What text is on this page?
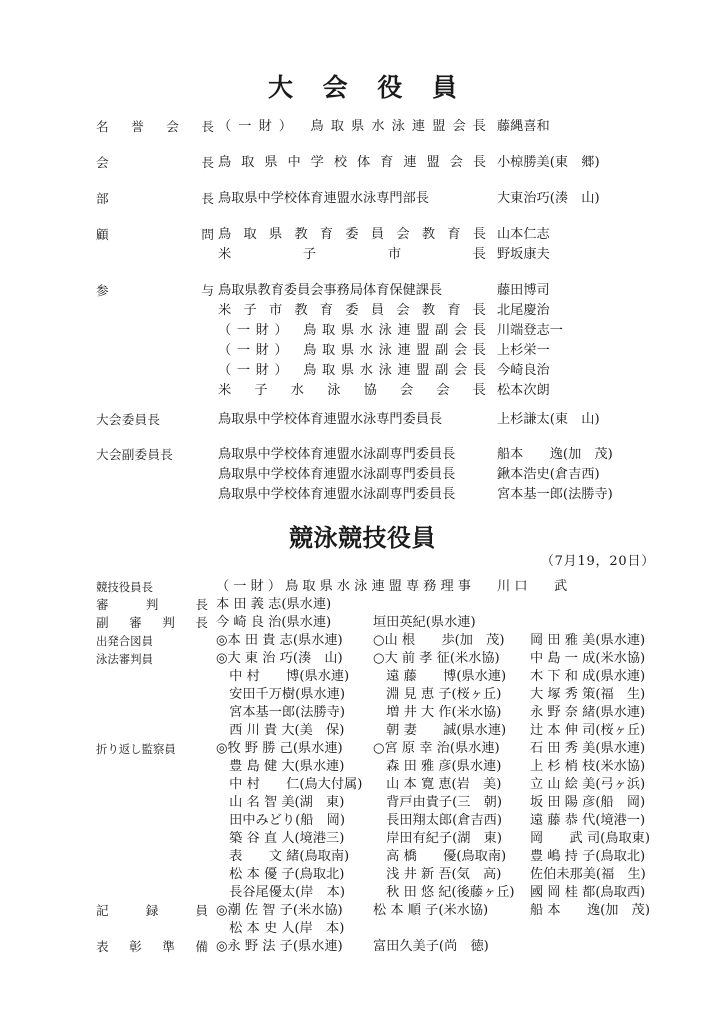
大 会 役 員
名誉会長 （一財） 鳥取県水泳連盟会長 藤縄喜和
会　　長 鳥取県中学校体育連盟会長 小椋勝美(東　郷)
部　　長 鳥取県中学校体育連盟水泳専門部長	大東治巧(湊　山)
顧　　問 鳥取県教育委員会教育長 山本仁志
米　　子　　市　　長 野坂康夫
参　　与 鳥取県教育委員会事務局体育保健課長	藤田博司
米子市教育委員会教育長 北尾慶治
（一財） 鳥取県水泳連盟副会長 川端登志一
（一財） 鳥取県水泳連盟副会長 上杉栄一
（一財） 鳥取県水泳連盟副会長 今崎良治
米　子　水　泳　協　会　会　長 松本次朗
大会委員長	鳥取県中学校体育連盟水泳専門委員長	上杉謙太(東　山)
大会副委員長	鳥取県中学校体育連盟水泳副専門委員長	船本　　逸(加　茂)
鳥取県中学校体育連盟水泳副専門委員長	鍬本浩史(倉吉西)
鳥取県中学校体育連盟水泳副専門委員長	宮本基一郎(法勝寺)
競泳競技役員
（7月19，20日）
競技役員長	（一財）鳥取県水泳連盟専務理事 川 口　　武
審　判　長 本 田 義 志(県水連)
副 審 判 長 今 崎 良 治(県水連)	垣田英紀(県水連)
出発合図員	◎本 田 貴 志(県水連)	○山 根　　歩(加　茂)	岡 田 雅 美(県水連)
泳法審判員	◎大 東 治 巧(湊　山)	○大 前 孝 征(米水協)	中 島 一 成(米水協)
　中 村　　博(県水連)	　遠 藤　　博(県水連)	木 下 和 成(県水連)
　安田千万樹(県水連)	　淵 見 恵 子(桜ヶ丘)	大 塚 秀 策(福　生)
　宮本基一郎(法勝寺)	　増 井 大 作(米水協)	永 野 奈 緒(県水連)
　西 川 貴 大(美　保)	　朝 妻　　誠(県水連)	辻 本 伸 司(桜ヶ丘)
折り返し監察員	◎牧 野 勝 己(県水連)	○宮 原 幸 治(県水連)	石 田 秀 美(県水連)
　豊 島 健 大(県水連)	　森 田 雅 彦(県水連)	上 杉 梢 枝(米水協)
　中 村　　仁(鳥大付属) 　山 本 寛 恵(岩　美)	立 山 絵 美(弓ヶ浜)
　山 名 智 美(湖　東)	　背戸由貴子(三　朝)	坂 田 陽 彦(船　岡)
　田中みどり(船　岡)	　長田翔太郎(倉吉西)	遠 藤 恭 代(境港一)
　築 谷 直 人(境港三)	　岸田有紀子(湖　東)	岡　　武 司(鳥取東)
　表　　文 緒(鳥取南)	　高 橋　　優(鳥取南)	豊 嶋 持 子(鳥取北)
　松 本 優 子(鳥取北)	　浅 井 新 吾(気　高)	佐伯未那美(福　生)
　長谷尾優太(岸　本)	　秋 田 悠 紀(後藤ヶ丘)	國 岡 桂 都(鳥取西)
記　録　員 ◎潮 佐 智 子(米水協)	松 本 順 子(米水協)	船 本　　逸(加　茂)
　松 本 史 人(岸　本)
表 彰 準 備 ◎永 野 法 子(県水連)	富田久美子(尚　徳)
